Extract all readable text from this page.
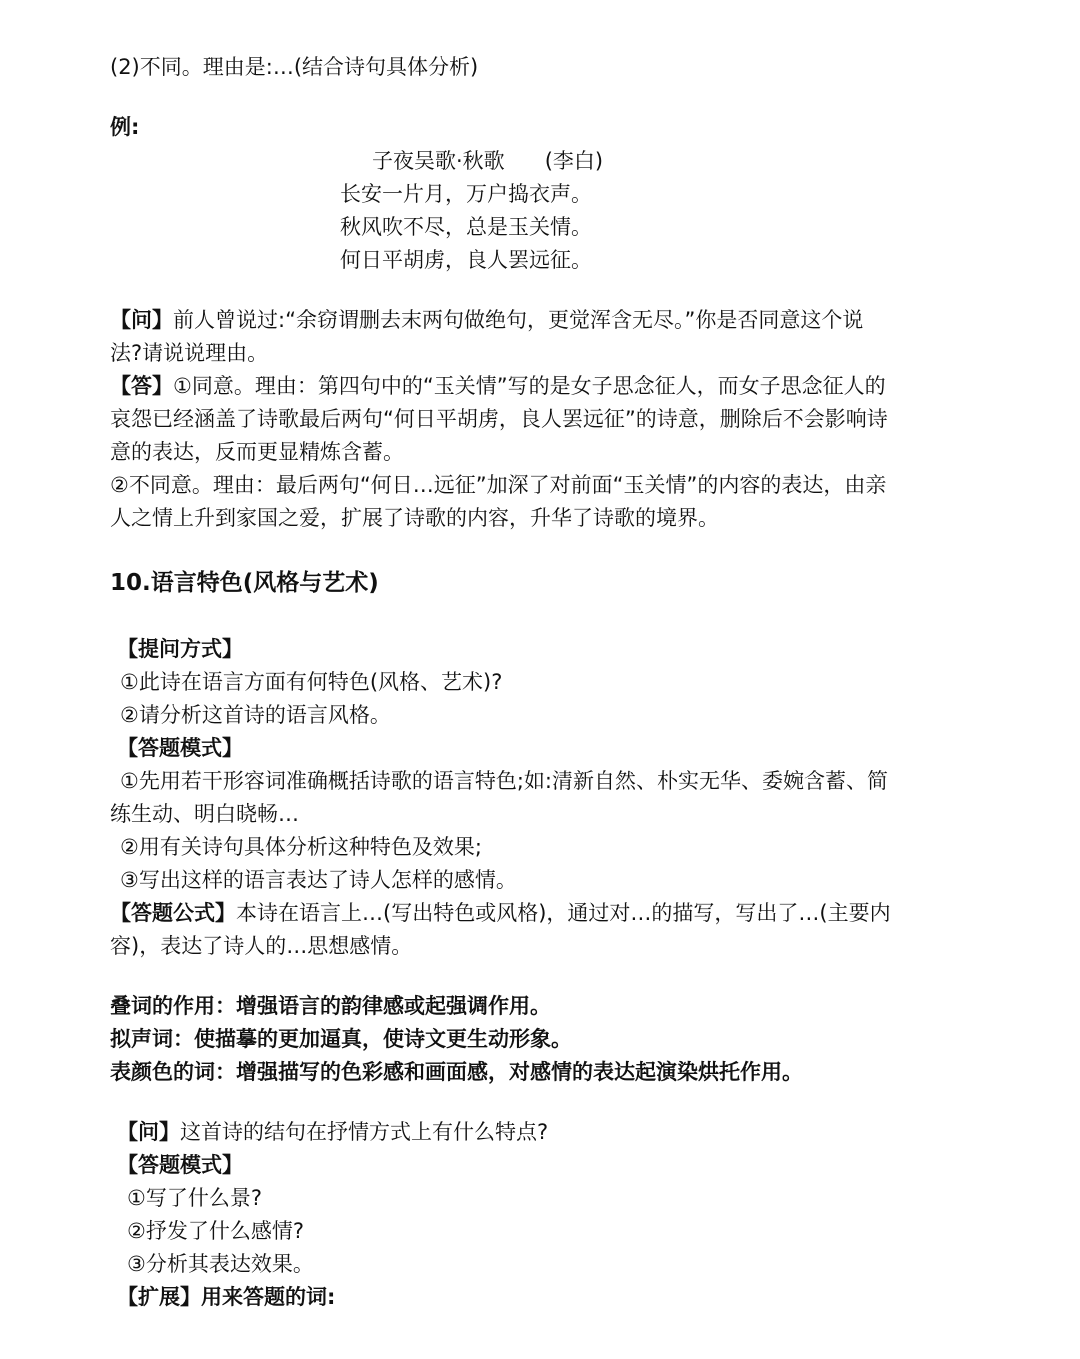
(2)不同。理由是:…(结合诗句具体分析)
例:
子夜吴歌·秋歌 (李白)
长安一片月，万户捣衣声。
秋风吹不尽，总是玉关情。
何日平胡虏，良人罢远征。
【问】前人曾说过:“余窃谓删去末两句做绝句，更觉浑含无尽。”你是否同意这个说
法?请说说理由。
【答】①同意。理由：第四句中的“玉关情”写的是女子思念征人，而女子思念征人的
哀怨已经涵盖了诗歌最后两句“何日平胡虏，良人罢远征”的诗意，删除后不会影响诗
意的表达，反而更显精炼含蓄。
②不同意。理由：最后两句“何日…远征”加深了对前面“玉关情”的内容的表达，由亲
人之情上升到家国之爱，扩展了诗歌的内容，升华了诗歌的境界。
10.语言特色(风格与艺术)
【提问方式】
①此诗在语言方面有何特色(风格、艺术)?
②请分析这首诗的语言风格。
【答题模式】
①先用若干形容词准确概括诗歌的语言特色;如:清新自然、朴实无华、委婉含蓄、简
练生动、明白晓畅…
②用有关诗句具体分析这种特色及效果;
③写出这样的语言表达了诗人怎样的感情。
【答题公式】本诗在语言上…(写出特色或风格)，通过对…的描写，写出了…(主要内
容)，表达了诗人的…思想感情。
叠词的作用：增强语言的韵律感或起强调作用。
拟声词：使描摹的更加逼真，使诗文更生动形象。
表颜色的词：增强描写的色彩感和画面感，对感情的表达起演染烘托作用。
【问】这首诗的结句在抒情方式上有什么特点?
【答题模式】
①写了什么景?
②抒发了什么感情?
③分析其表达效果。
【扩展】用来答题的词:
